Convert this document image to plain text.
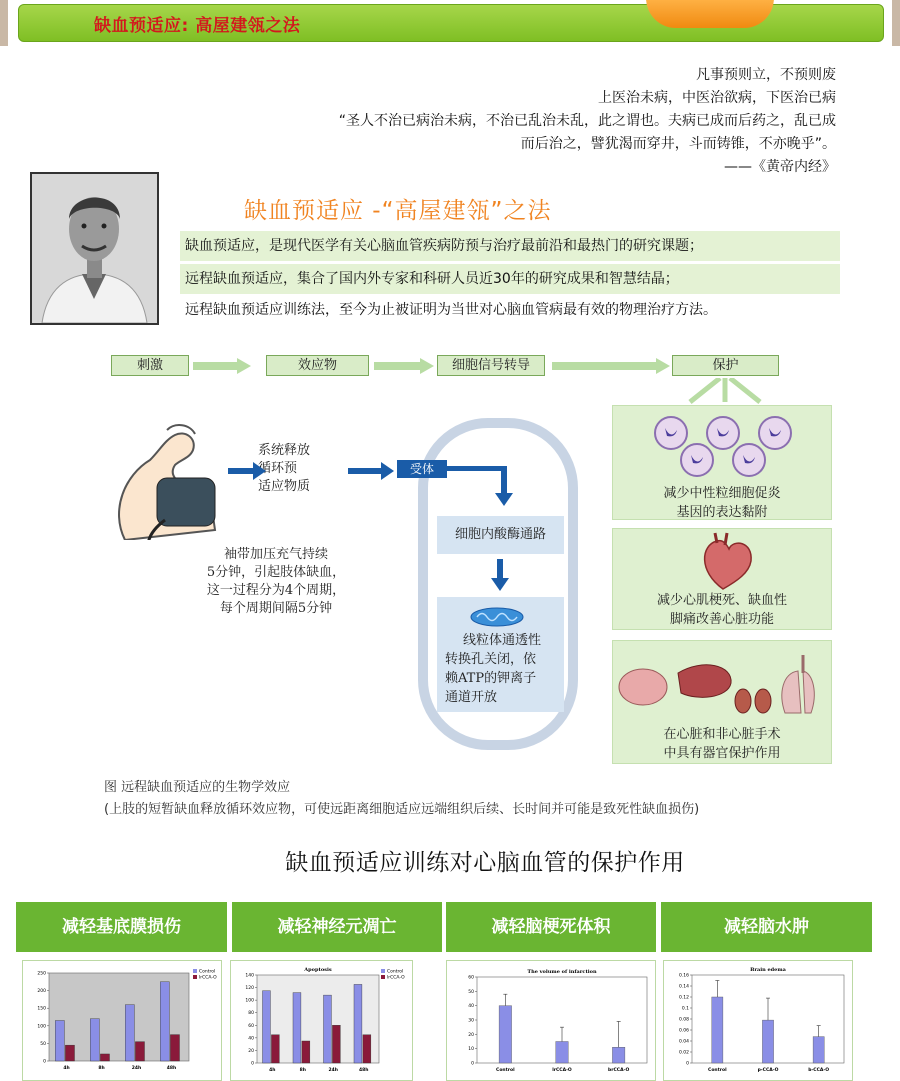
缺血预适应: 高屋建瓴之法
凡事预则立，不预则废
上医治未病，中医治欲病，下医治已病
“圣人不治已病治未病，不治已乱治未乱，此之谓也。夫病已成而后药之，乱已成
而后治之，譬犹渴而穿井，斗而铸锥，不亦晚乎”。
——《黄帝内经》
缺血预适应 -“高屋建瓴”之法
缺血预适应，是现代医学有关心脑血管疾病防预与治疗最前沿和最热门的研究课题；
远程缺血预适应，集合了国内外专家和科研人员近30年的研究成果和智慧结晶；
远程缺血预适应训练法，至今为止被证明为当世对心脑血管病最有效的物理治疗方法。
刺激	效应物	细胞信号转导	保护
系统释放
循环预
适应物质
袖带加压充气持续
5分钟，引起肢体缺血，
这一过程分为4个周期，
每个周期间隔5分钟
受体
细胞内酸酶通路
线粒体通透性
转换孔关闭，依
赖ATP的钾离子
通道开放
减少中性粒细胞促炎
基因的表达黏附
减少心肌梗死、缺血性
脚痛改善心脏功能
在心脏和非心脏手术
中具有器官保护作用
图 远程缺血预适应的生物学效应
(上肢的短暂缺血释放循环效应物，可使远距离细胞适应远端组织后续、长时间并可能是致死性缺血损伤)
缺血预适应训练对心脑血管的保护作用
减轻基底膜损伤	减轻神经元凋亡	减轻脑梗死体积	减轻脑水肿
0
50
100
150
200
250
4h	8h	24h	48h
Control
lrCCA-O
Apoptosis
0
20
40
60
80
100
120
140
4h	8h	24h	48h
Control
lrCCA-O
The volume of infarction
0
10
20
30
40
50
60
Control	lrCCA-O	brCCA-O
Brain edema
0
0.02
0.04
0.06
0.08
0.1
0.12
0.14
0.16
Control	p-CCA-O	b-CCA-O
